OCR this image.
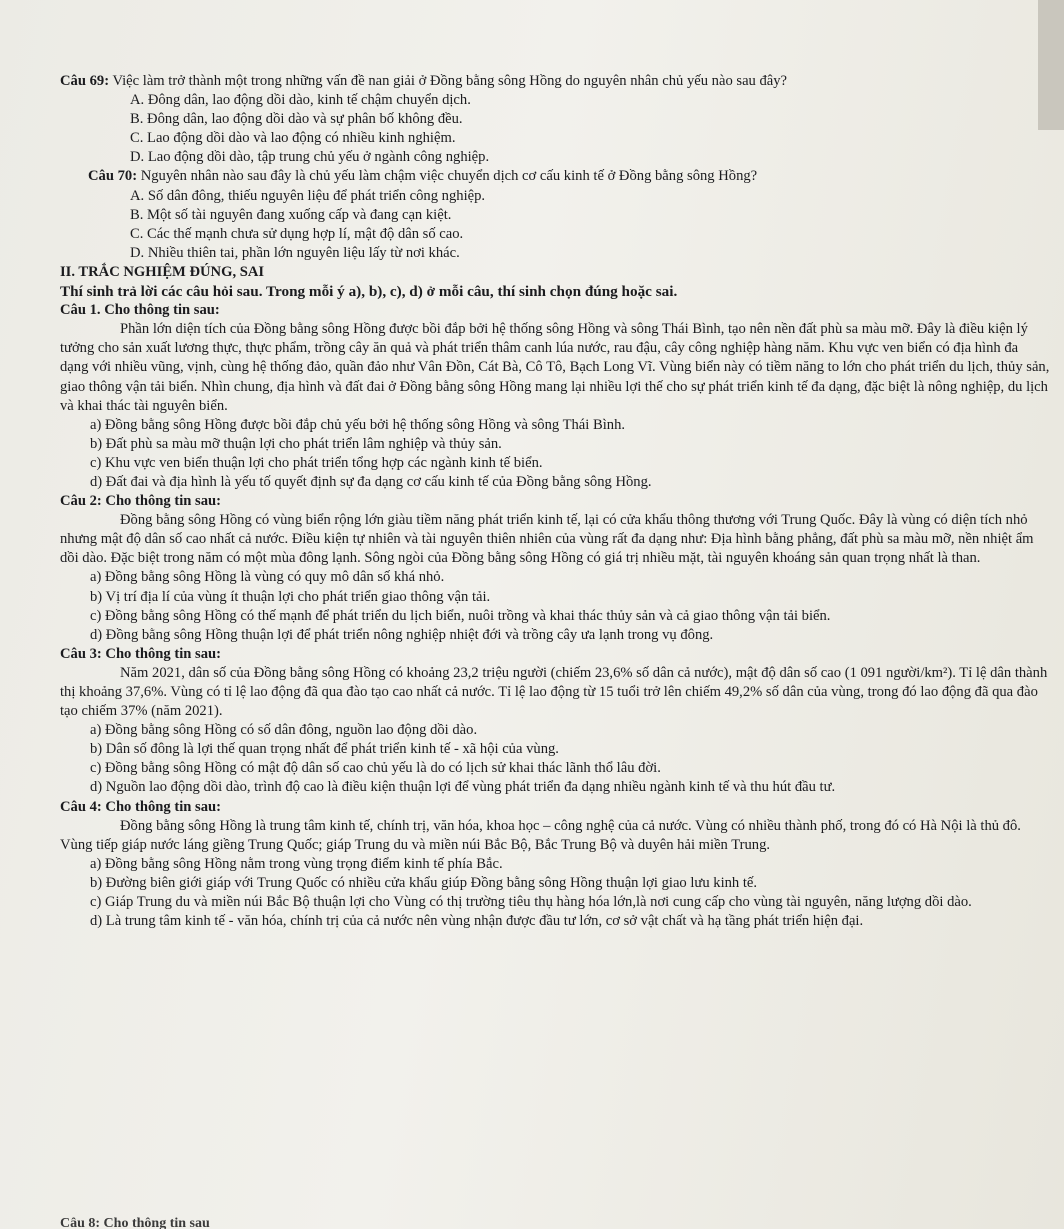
Câu 69: Việc làm trở thành một trong những vấn đề nan giải ở Đồng bằng sông Hồng do nguyên nhân chủ yếu nào sau đây?

A. Đông dân, lao động dồi dào, kinh tế chậm chuyển dịch.

B. Đông dân, lao động dồi dào và sự phân bố không đều.

C. Lao động dồi dào và lao động có nhiều kinh nghiệm.

D. Lao động dồi dào, tập trung chủ yếu ở ngành công nghiệp.

Câu 70: Nguyên nhân nào sau đây là chủ yếu làm chậm việc chuyển dịch cơ cấu kinh tế ở Đồng bằng sông Hồng?

A. Số dân đông, thiếu nguyên liệu để phát triển công nghiệp.

B. Một số tài nguyên đang xuống cấp và đang cạn kiệt.

C. Các thế mạnh chưa sử dụng hợp lí, mật độ dân số cao.

D. Nhiều thiên tai, phần lớn nguyên liệu lấy từ nơi khác.

II. TRẮC NGHIỆM ĐÚNG, SAI

Thí sinh trả lời các câu hỏi sau. Trong mỗi ý a), b), c), d) ở mỗi câu, thí sinh chọn đúng hoặc sai.

Câu 1. Cho thông tin sau:

Phần lớn diện tích của Đồng bằng sông Hồng được bồi đắp bởi hệ thống sông Hồng và sông Thái Bình, tạo nên nền đất phù sa màu mỡ. Đây là điều kiện lý tưởng cho sản xuất lương thực, thực phẩm, trồng cây ăn quả và phát triển thâm canh lúa nước, rau đậu, cây công nghiệp hàng năm. Khu vực ven biển có địa hình đa dạng với nhiều vũng, vịnh, cùng hệ thống đảo, quần đảo như Vân Đồn, Cát Bà, Cô Tô, Bạch Long Vĩ. Vùng biển này có tiềm năng to lớn cho phát triển du lịch, thủy sản, giao thông vận tải biển. Nhìn chung, địa hình và đất đai ở Đồng bằng sông Hồng mang lại nhiều lợi thế cho sự phát triển kinh tế đa dạng, đặc biệt là nông nghiệp, du lịch và khai thác tài nguyên biển.

a) Đồng bằng sông Hồng được bồi đắp chủ yếu bởi hệ thống sông Hồng và sông Thái Bình.

b) Đất phù sa màu mỡ thuận lợi cho phát triển lâm nghiệp và thủy sản.

c) Khu vực ven biển thuận lợi cho phát triển tổng hợp các ngành kinh tế biển.

d) Đất đai và địa hình là yếu tố quyết định sự đa dạng cơ cấu kinh tế của Đồng bằng sông Hồng.

Câu 2: Cho thông tin sau:

Đồng bằng sông Hồng có vùng biển rộng lớn giàu tiềm năng phát triển kinh tế, lại có cửa khẩu thông thương với Trung Quốc. Đây là vùng có diện tích nhỏ nhưng mật độ dân số cao nhất cả nước. Điều kiện tự nhiên và tài nguyên thiên nhiên của vùng rất đa dạng như: Địa hình bằng phẳng, đất phù sa màu mỡ, nền nhiệt ẩm dồi dào. Đặc biệt trong năm có một mùa đông lạnh. Sông ngòi của Đồng bằng sông Hồng có giá trị nhiều mặt, tài nguyên khoáng sản quan trọng nhất là than.

a) Đồng bằng sông Hồng là vùng có quy mô dân số khá nhỏ.

b) Vị trí địa lí của vùng ít thuận lợi cho phát triển giao thông vận tải.

c) Đồng bằng sông Hồng có thế mạnh để phát triển du lịch biển, nuôi trồng và khai thác thủy sản và cả giao thông vận tải biển.

d) Đồng bằng sông Hồng thuận lợi để phát triển nông nghiệp nhiệt đới và trồng cây ưa lạnh trong vụ đông.

Câu 3: Cho thông tin sau:

Năm 2021, dân số của Đồng bằng sông Hồng có khoảng 23,2 triệu người (chiếm 23,6% số dân cả nước), mật độ dân số cao (1 091 người/km²). Tỉ lệ dân thành thị khoảng 37,6%. Vùng có tỉ lệ lao động đã qua đào tạo cao nhất cả nước. Tỉ lệ lao động từ 15 tuổi trở lên chiếm 49,2% số dân của vùng, trong đó lao động đã qua đào tạo chiếm 37% (năm 2021).

a) Đồng bằng sông Hồng có số dân đông, nguồn lao động dồi dào.

b) Dân số đông là lợi thế quan trọng nhất để phát triển kinh tế - xã hội của vùng.

c) Đồng bằng sông Hồng có mật độ dân số cao chủ yếu là do có lịch sử khai thác lãnh thổ lâu đời.

d) Nguồn lao động dồi dào, trình độ cao là điều kiện thuận lợi để vùng phát triển đa dạng nhiều ngành kinh tế và thu hút đầu tư.

Câu 4: Cho thông tin sau:

Đồng bằng sông Hồng là trung tâm kinh tế, chính trị, văn hóa, khoa học – công nghệ của cả nước. Vùng có nhiều thành phố, trong đó có Hà Nội là thủ đô. Vùng tiếp giáp nước láng giềng Trung Quốc; giáp Trung du và miền núi Bắc Bộ, Bắc Trung Bộ và duyên hải miền Trung.

a) Đồng bằng sông Hồng nằm trong vùng trọng điểm kinh tế phía Bắc.

b) Đường biên giới giáp với Trung Quốc có nhiều cửa khẩu giúp Đồng bằng sông Hồng thuận lợi giao lưu kinh tế.

c) Giáp Trung du và miền núi Bắc Bộ thuận lợi cho Vùng có thị trường tiêu thụ hàng hóa lớn,là nơi cung cấp cho vùng tài nguyên, năng lượng dồi dào.

d) Là trung tâm kinh tế - văn hóa, chính trị của cả nước nên vùng nhận được đầu tư lớn, cơ sở vật chất và hạ tầng phát triển hiện đại.

Câu 8: Cho thông tin sau
